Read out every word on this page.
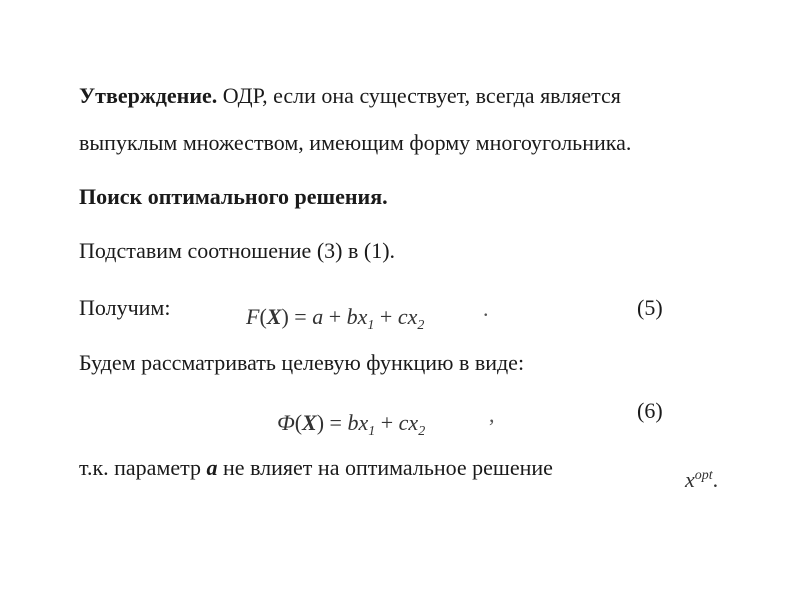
Утверждение. ОДР, если она существует, всегда является
выпуклым множеством, имеющим форму многоугольника.
Поиск оптимального решения.
Подставим соотношение (3) в (1).
Получим:	$F(X) = a + bx_1 + cx_2$
.	(5)
Будем рассматривать целевую функцию в виде:
$Ф(X) = bx_1 + cx_2$
,	(6)
т.к. параметр a не влияет на оптимальное решение	$x^{opt}$.
